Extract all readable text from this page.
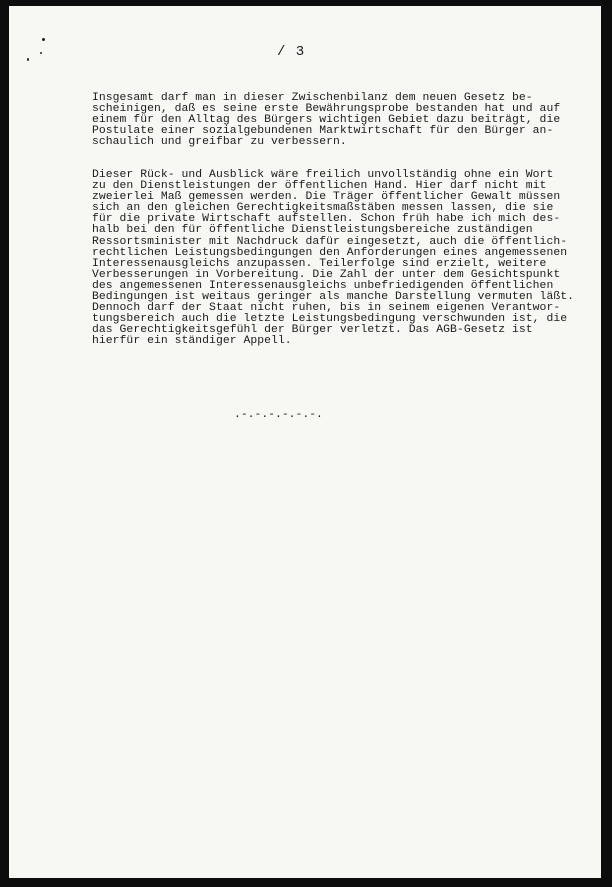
/ 3

Insgesamt darf man in dieser Zwischenbilanz dem neuen Gesetz be-
scheinigen, daß es seine erste Bewährungsprobe bestanden hat und auf
einem für den Alltag des Bürgers wichtigen Gebiet dazu beiträgt, die
Postulate einer sozialgebundenen Marktwirtschaft für den Bürger an-
schaulich und greifbar zu verbessern.

Dieser Rück- und Ausblick wäre freilich unvollständig ohne ein Wort
zu den Dienstleistungen der öffentlichen Hand. Hier darf nicht mit
zweierlei Maß gemessen werden. Die Träger öffentlicher Gewalt müssen
sich an den gleichen Gerechtigkeitsmaßstäben messen lassen, die sie
für die private Wirtschaft aufstellen. Schon früh habe ich mich des-
halb bei den für öffentliche Dienstleistungsbereiche zuständigen
Ressortsminister mit Nachdruck dafür eingesetzt, auch die öffentlich-
rechtlichen Leistungsbedingungen den Anforderungen eines angemessenen
Interessenausgleichs anzupassen. Teilerfolge sind erzielt, weitere
Verbesserungen in Vorbereitung. Die Zahl der unter dem Gesichtspunkt
des angemessenen Interessenausgleichs unbefriedigenden öffentlichen
Bedingungen ist weitaus geringer als manche Darstellung vermuten läßt.
Dennoch darf der Staat nicht ruhen, bis in seinem eigenen Verantwor-
tungsbereich auch die letzte Leistungsbedingung verschwunden ist, die
das Gerechtigkeitsgefühl der Bürger verletzt. Das AGB-Gesetz ist
hierfür ein ständiger Appell.

.-.-.-.-.-.-.
